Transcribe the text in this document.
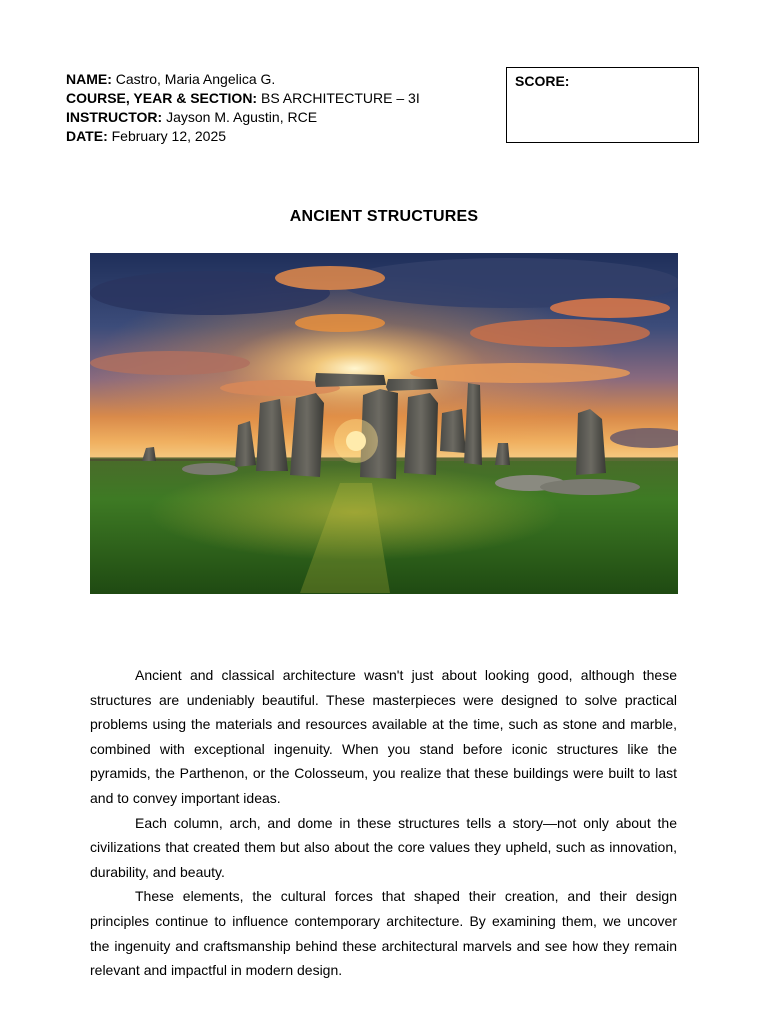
NAME: Castro, Maria Angelica G.
COURSE, YEAR & SECTION: BS ARCHITECTURE – 3I
INSTRUCTOR: Jayson M. Agustin, RCE
DATE: February 12, 2025
SCORE:
ANCIENT STRUCTURES

Ancient and classical architecture wasn't just about looking good, although these structures are undeniably beautiful. These masterpieces were designed to solve practical problems using the materials and resources available at the time, such as stone and marble, combined with exceptional ingenuity. When you stand before iconic structures like the pyramids, the Parthenon, or the Colosseum, you realize that these buildings were built to last and to convey important ideas.

Each column, arch, and dome in these structures tells a story—not only about the civilizations that created them but also about the core values they upheld, such as innovation, durability, and beauty.

These elements, the cultural forces that shaped their creation, and their design principles continue to influence contemporary architecture. By examining them, we uncover the ingenuity and craftsmanship behind these architectural marvels and see how they remain relevant and impactful in modern design.
